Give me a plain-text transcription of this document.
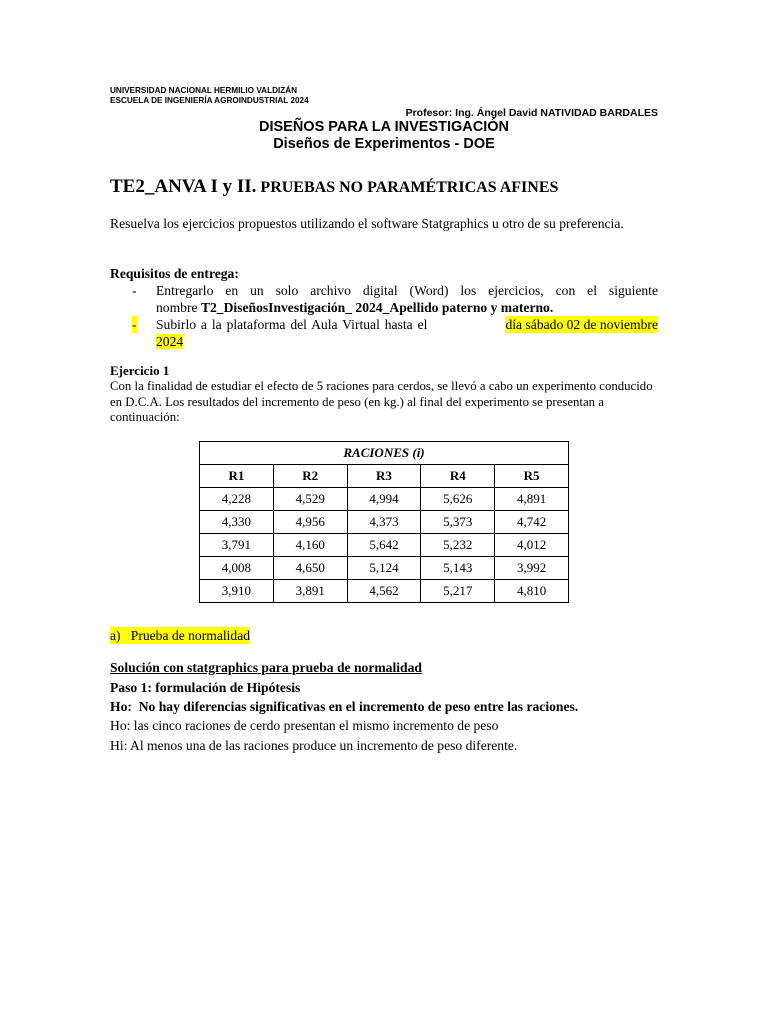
UNIVERSIDAD NACIONAL HERMILIO VALDIZÁN
ESCUELA DE INGENIERÍA AGROINDUSTRIAL 2024
Profesor: Ing. Ángel David NATIVIDAD BARDALES
DISEÑOS PARA LA INVESTIGACIÓN
Diseños de Experimentos - DOE
TE2_ANVA I y II. PRUEBAS NO PARAMÉTRICAS AFINES
Resuelva los ejercicios propuestos utilizando el software Statgraphics u otro de su preferencia.
Requisitos de entrega:
- Entregarlo en un solo archivo digital (Word) los ejercicios, con el siguiente
nombre T2_DiseñosInvestigación_ 2024_Apellido paterno y materno.
- Subirlo a la plataforma del Aula Virtual hasta el	día sábado 02 de noviembre
2024
Ejercicio 1
Con la finalidad de estudiar el efecto de 5 raciones para cerdos, se llevó a cabo un experimento conducido en D.C.A. Los resultados del incremento de peso (en kg.) al final del experimento se presentan a continuación:
RACIONES (i)				
R1	R2	R3	R4	R5
4,228	4,529	4,994	5,626	4,891
4,330	4,956	4,373	5,373	4,742
3,791	4,160	5,642	5,232	4,012
4,008	4,650	5,124	5,143	3,992
3,910	3,891	4,562	5,217	4,810
a)   Prueba de normalidad
Solución con statgraphics para prueba de normalidad
Paso 1: formulación de Hipótesis
Ho:  No hay diferencias significativas en el incremento de peso entre las raciones.
Ho: las cinco raciones de cerdo presentan el mismo incremento de peso
Hi: Al menos una de las raciones produce un incremento de peso diferente.
